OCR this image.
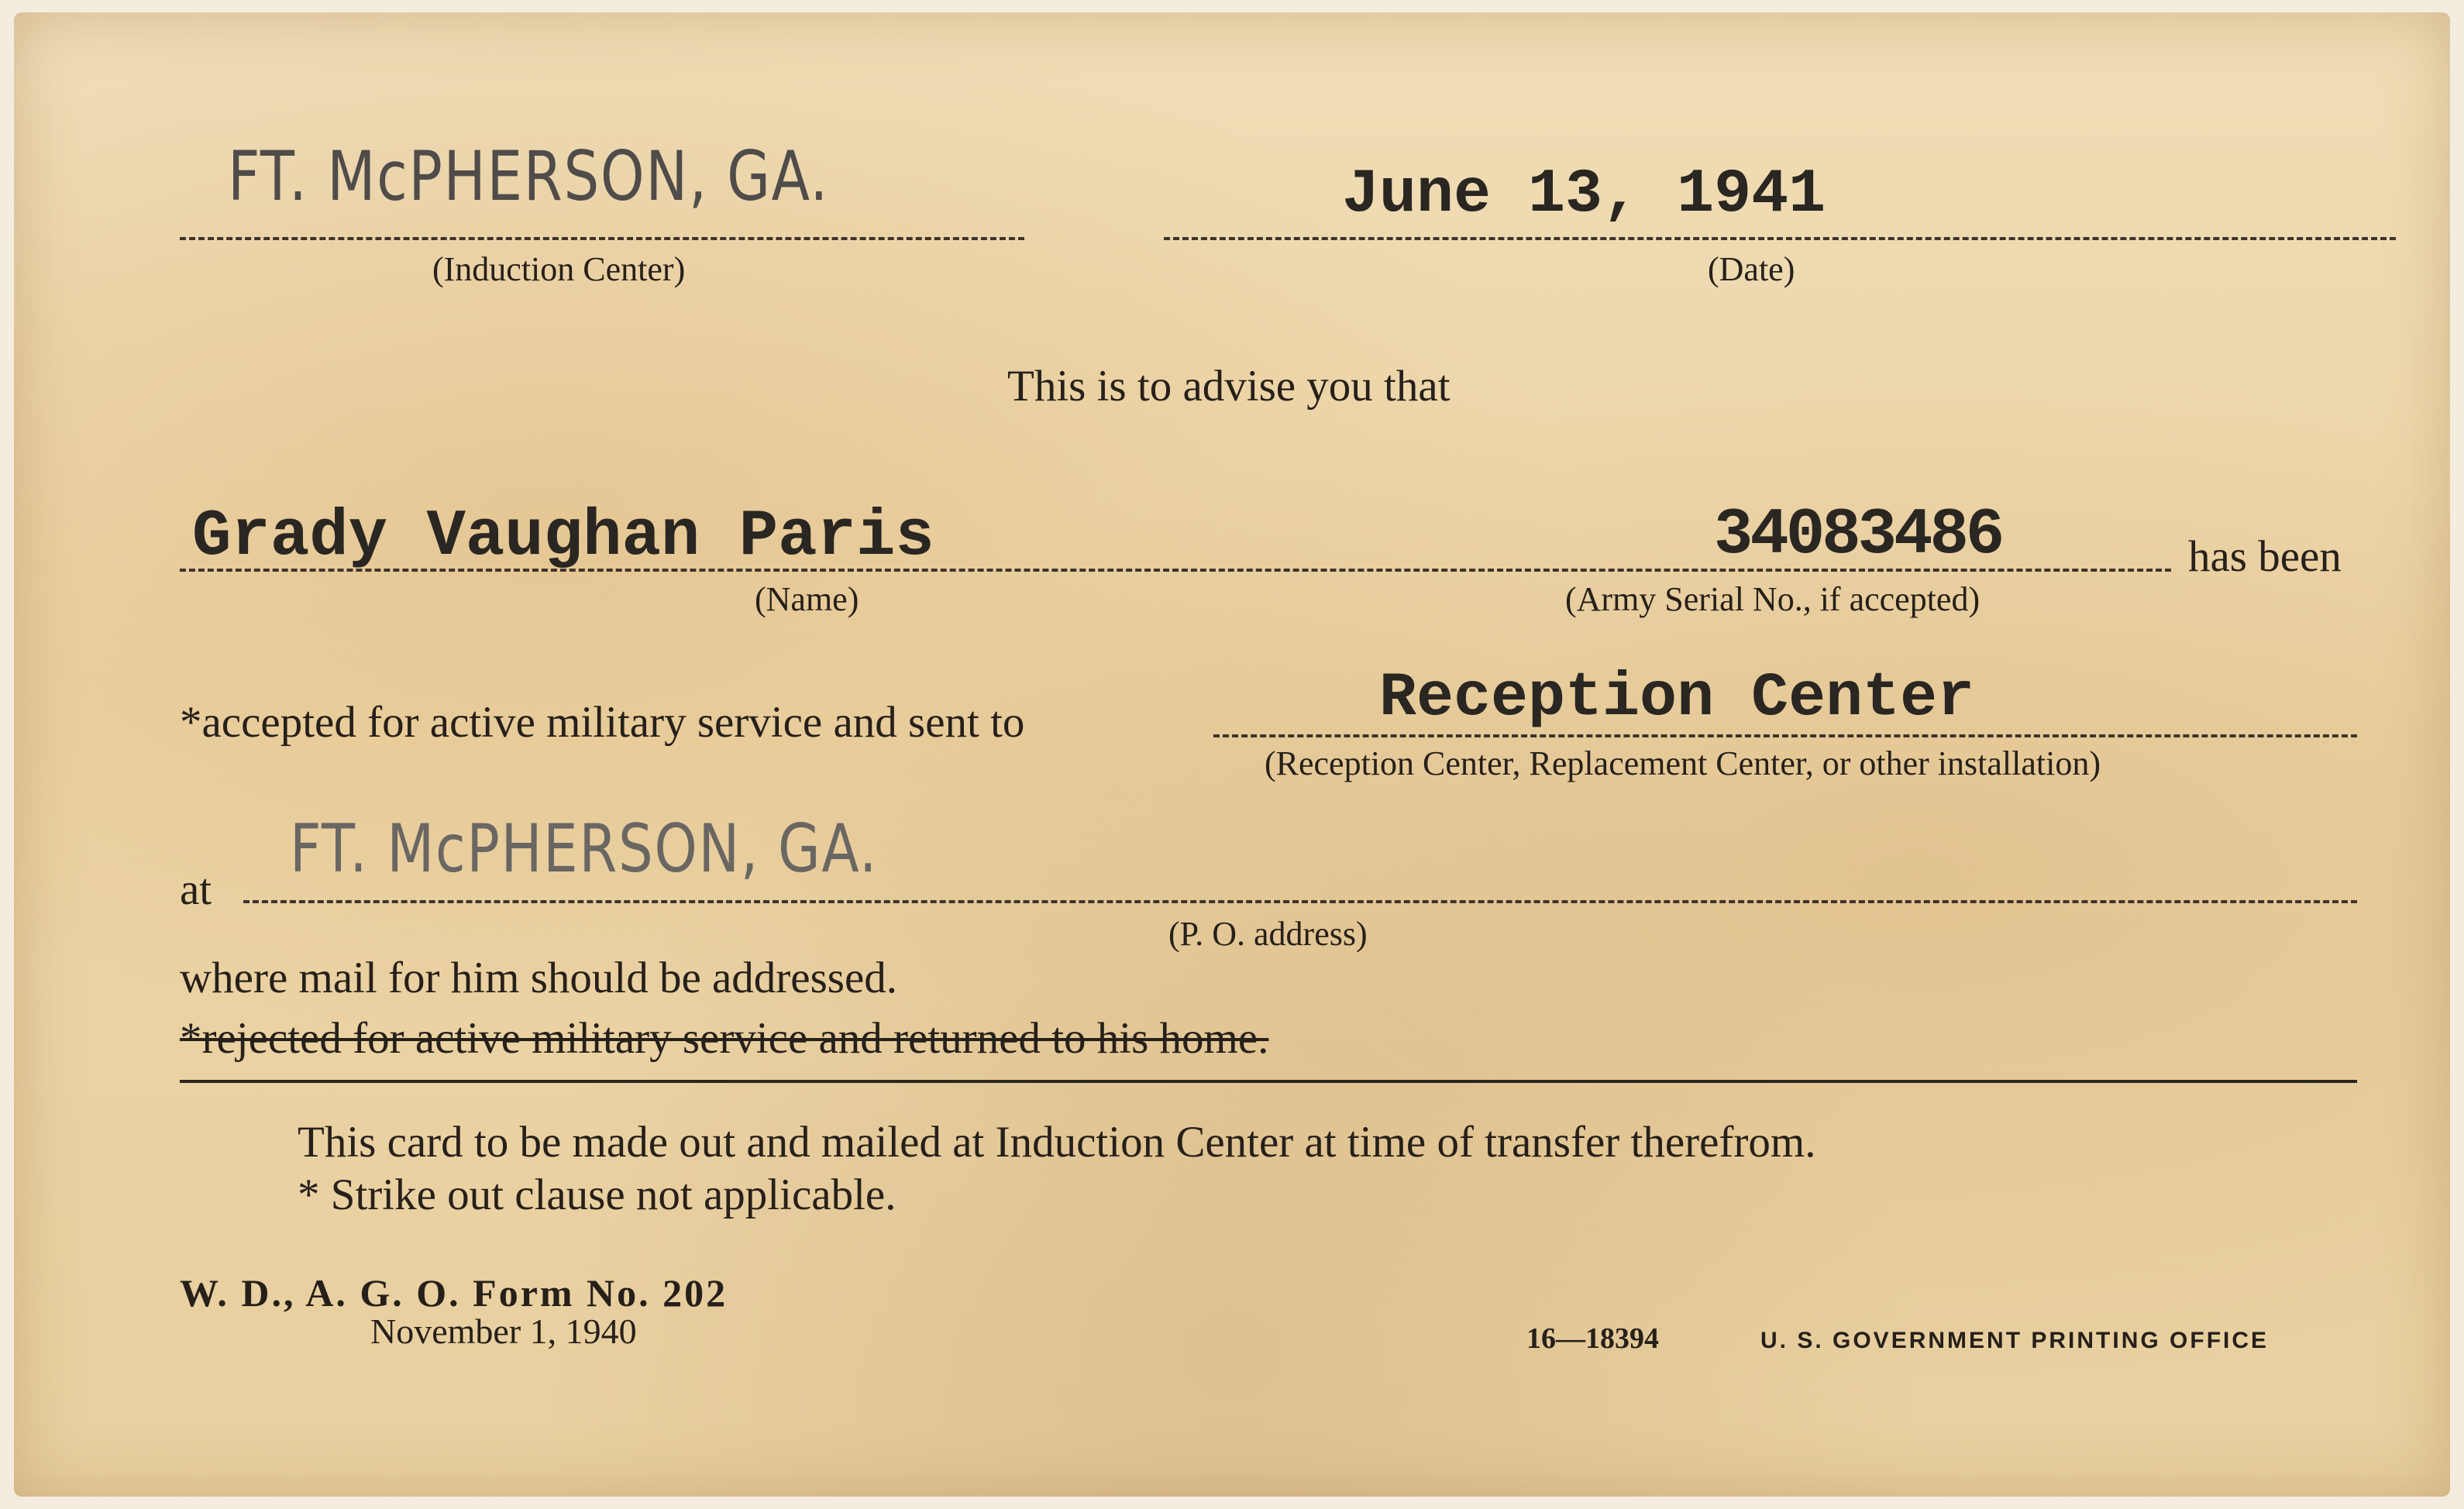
FT. McPHERSON, GA.
(Induction Center)
June 13, 1941
(Date)
This is to advise you that
Grady Vaughan Paris	34083486	has been
(Name)	(Army Serial No., if accepted)
*accepted for active military service and sent to	Reception Center
(Reception Center, Replacement Center, or other installation)
FT. McPHERSON, GA.
at
(P. O. address)
where mail for him should be addressed.
*rejected for active military service and returned to his home.
This card to be made out and mailed at Induction Center at time of transfer therefrom.
* Strike out clause not applicable.
W. D., A. G. O. Form No. 202
November 1, 1940	16—18394	U. S. GOVERNMENT PRINTING OFFICE
